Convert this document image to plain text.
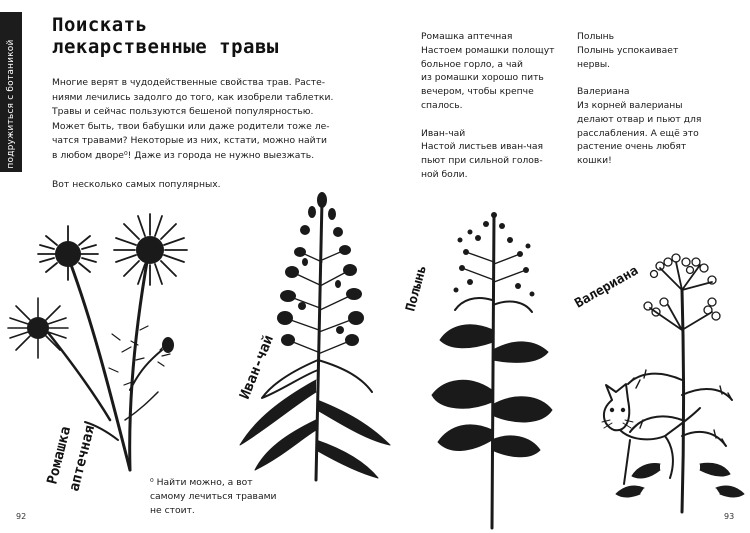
подружиться с ботаникой
Поискать
лекарственные травы
Многие верят в чудодейственные свойства трав. Расте-
ниями лечились задолго до того, как изобрели таблетки.
Травы и сейчас пользуются бешеной популярностью.
Может быть, твои бабушки или даже родители тоже ле-
чатся травами? Некоторые из них, кстати, можно найти
в любом дворе⁰! Даже из города не нужно выезжать.
Вот несколько самых популярных.
Ромашка аптечная
Настоем ромашки полощут
больное горло, а чай
из ромашки хорошо пить
вечером, чтобы крепче
спалось.
Иван-чай
Настой листьев иван-чая
пьют при сильной голов-
ной боли.
Полынь
Полынь успокаивает
нервы.
Валериана
Из корней валерианы
делают отвар и пьют для
расслабления. А ещё это
растение очень любят
кошки!
Ромашка
аптечная
Иван-чай
Полынь	Валериана
⁰ Найти можно, а вот
самому лечиться травами
не стоит.
92	93
